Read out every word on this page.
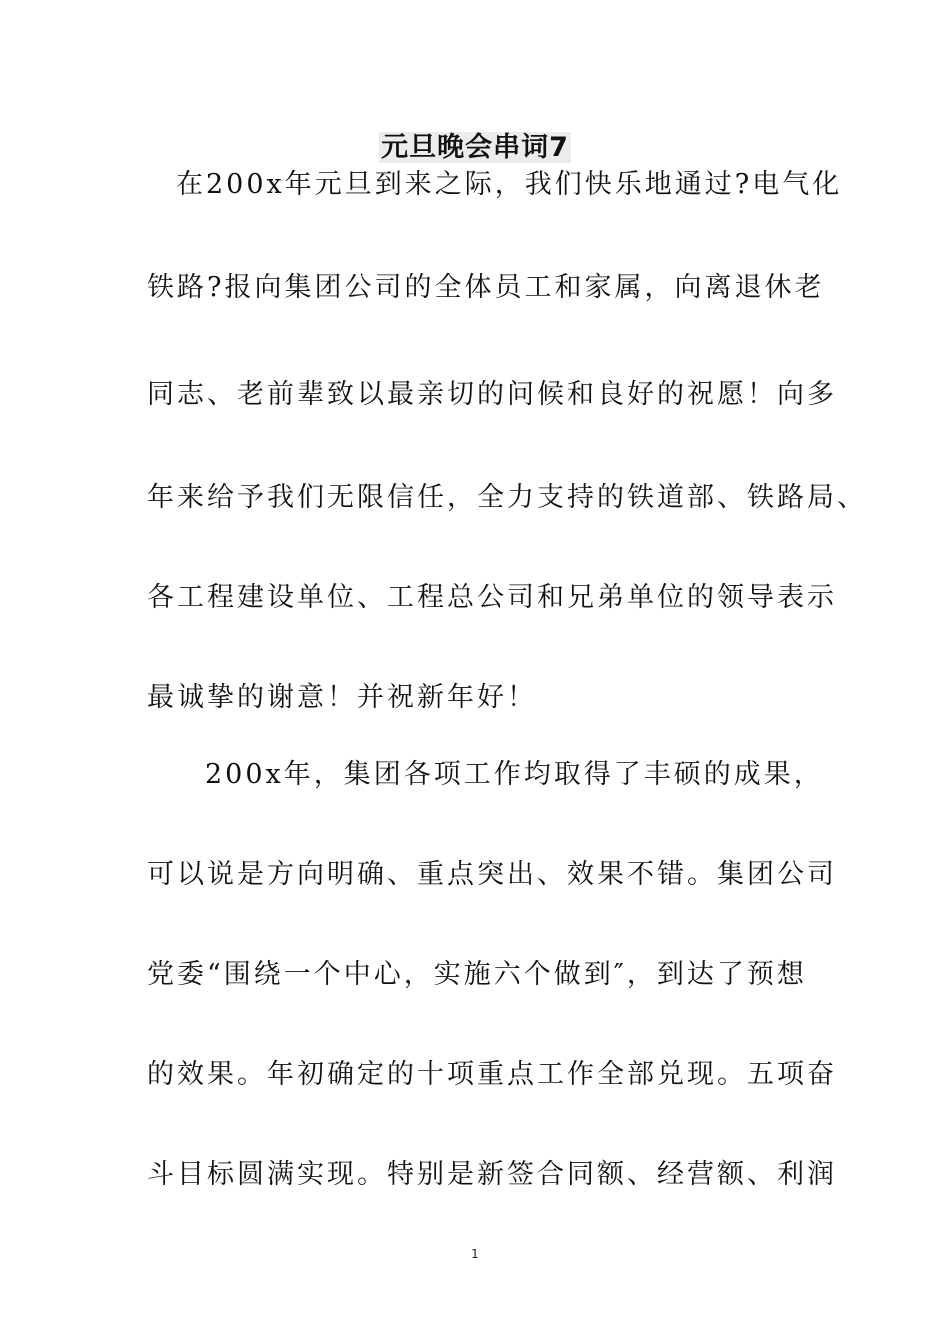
元旦晚会串词7
在200x年元旦到来之际，我们快乐地通过?电气化
铁路?报向集团公司的全体员工和家属，向离退休老
同志、老前辈致以最亲切的问候和良好的祝愿！向多
年来给予我们无限信任，全力支持的铁道部、铁路局、
各工程建设单位、工程总公司和兄弟单位的领导表示
最诚挚的谢意！并祝新年好！
200x年，集团各项工作均取得了丰硕的成果，
可以说是方向明确、重点突出、效果不错。集团公司
党委“围绕一个中心，实施六个做到″，到达了预想
的效果。年初确定的十项重点工作全部兑现。五项奋
斗目标圆满实现。特别是新签合同额、经营额、利润
1
